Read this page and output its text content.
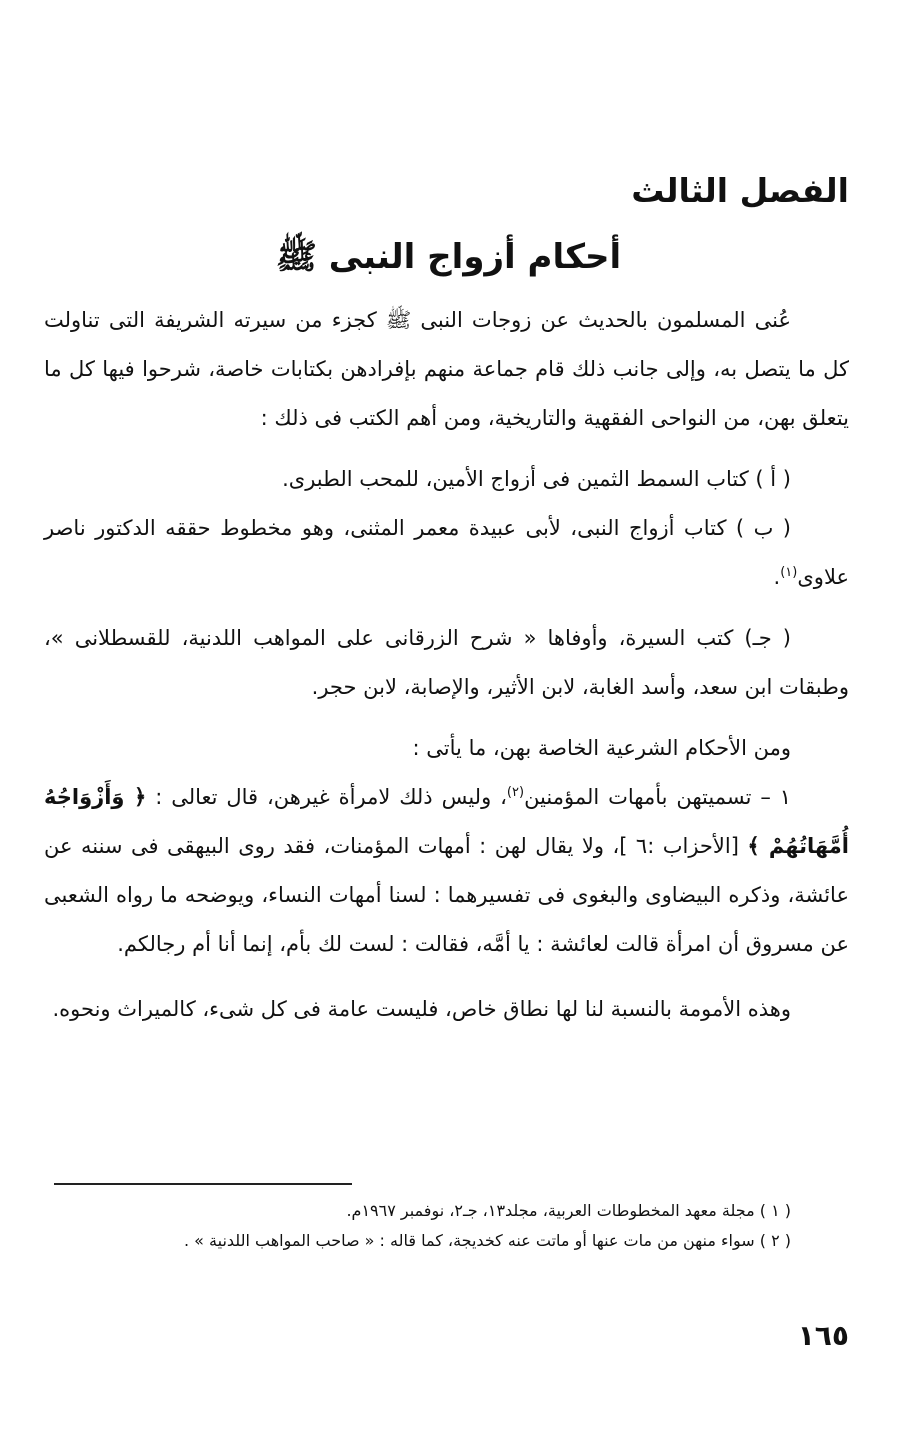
الفصل الثالث
أحكام أزواج النبى ﷺ

عُنى المسلمون بالحديث عن زوجات النبى ﷺ كجزء من سيرته الشريفة التى تناولت كل ما يتصل به، وإلى جانب ذلك قام جماعة منهم بإفرادهن بكتابات خاصة، شرحوا فيها كل ما يتعلق بهن، من النواحى الفقهية والتاريخية، ومن أهم الكتب فى ذلك :

( أ ) كتاب السمط الثمين فى أزواج الأمين، للمحب الطبرى.

( ب ) كتاب أزواج النبى، لأبى عبيدة معمر المثنى، وهو مخطوط حققه الدكتور ناصر علاوى$^{(١)}$.

( جـ) كتب السيرة، وأوفاها « شرح الزرقانى على المواهب اللدنية، للقسطلانى »، وطبقات ابن سعد، وأسد الغابة، لابن الأثير، والإصابة، لابن حجر.

ومن الأحكام الشرعية الخاصة بهن، ما يأتى :

١ – تسميتهن بأمهات المؤمنين$^{(٢)}$، وليس ذلك لامرأة غيرهن، قال تعالى : ﴿ وَأَزْوَاجُهُ أُمَّهَاتُهُمْ ﴾ [الأحزاب :٦ ]، ولا يقال لهن : أمهات المؤمنات، فقد روى البيهقى فى سننه عن عائشة، وذكره البيضاوى والبغوى فى تفسيرهما : لسنا أمهات النساء، ويوضحه ما رواه الشعبى عن مسروق أن امرأة قالت لعائشة : يا أمَّه، فقالت : لست لك بأم، إنما أنا أم رجالكم.

وهذه الأمومة بالنسبة لنا لها نطاق خاص، فليست عامة فى كل شىء، كالميراث ونحوه.

( ١ ) مجلة معهد المخطوطات العربية، مجلد١٣، جـ٢، نوفمبر ١٩٦٧م.

( ٢ ) سواء منهن من مات عنها أو ماتت عنه كخديجة، كما قاله : « صاحب المواهب اللدنية » .

١٦٥
